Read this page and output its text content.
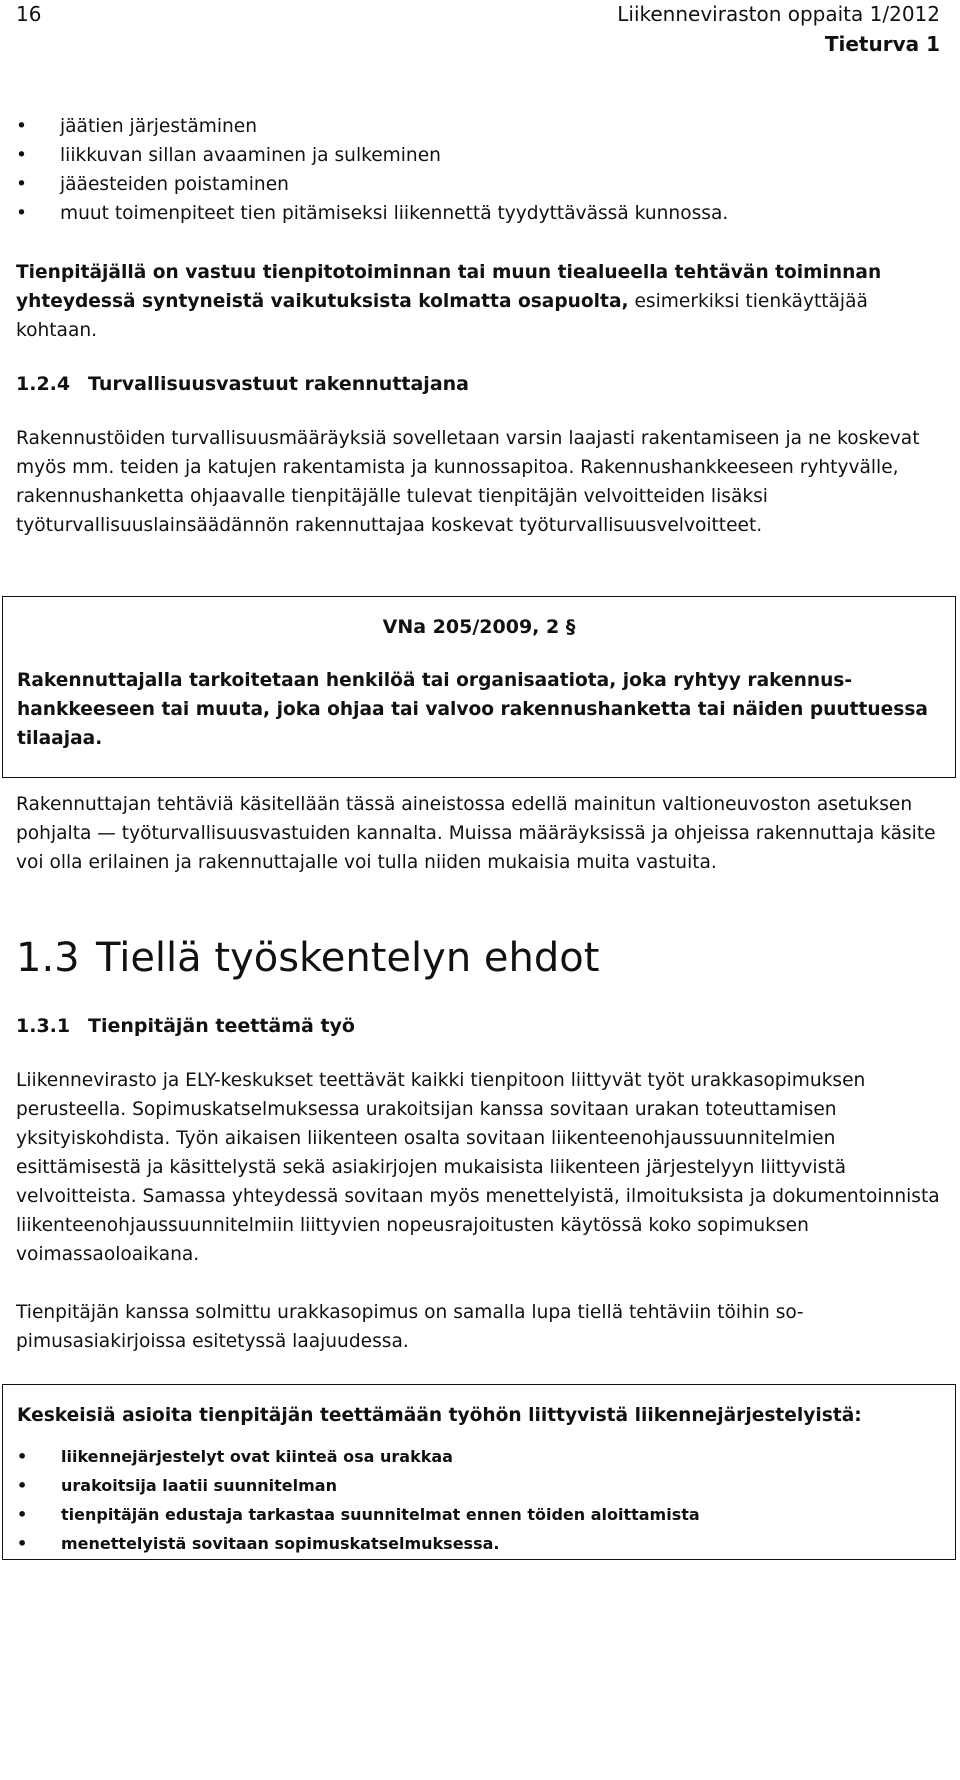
16	Liikenneviraston oppaita 1/2012
Tieturva 1
• jäätien järjestäminen
• liikkuvan sillan avaaminen ja sulkeminen
• jääesteiden poistaminen
• muut toimenpiteet tien pitämiseksi liikennettä tyydyttävässä kunnossa.

Tienpitäjällä on vastuu tienpitotoiminnan tai muun tiealueella tehtävän toiminnan yhteydessä syntyneistä vaikutuksista kolmatta osapuolta, esimerkiksi tienkäyttäjää kohtaan.

1.2.4 Turvallisuusvastuut rakennuttajana

Rakennustöiden turvallisuusmääräyksiä sovelletaan varsin laajasti rakentamiseen ja ne koskevat myös mm. teiden ja katujen rakentamista ja kunnossapitoa. Rakennushankkeeseen ryhtyvälle, rakennushanketta ohjaavalle tienpitäjälle tulevat tienpitäjän velvoitteiden lisäksi työturvallisuuslainsäädännön rakennuttajaa koskevat työturvallisuusvelvoitteet.

VNa 205/2009, 2 §

Rakennuttajalla tarkoitetaan henkilöä tai organisaatiota, joka ryhtyy rakennushankkeeseen tai muuta, joka ohjaa tai valvoo rakennushanketta tai näiden puuttuessa tilaajaa.

Rakennuttajan tehtäviä käsitellään tässä aineistossa edellä mainitun valtioneuvoston asetuksen pohjalta — työturvallisuusvastuiden kannalta. Muissa määräyksissä ja ohjeissa rakennuttaja käsite voi olla erilainen ja rakennuttajalle voi tulla niiden mukaisia muita vastuita.

1.3 Tiellä työskentelyn ehdot
1.3.1 Tienpitäjän teettämä työ

Liikennevirasto ja ELY-keskukset teettävät kaikki tienpitoon liittyvät työt urakkasopimuksen perusteella. Sopimuskatselmuksessa urakoitsijan kanssa sovitaan urakan toteuttamisen yksityiskohdista. Työn aikaisen liikenteen osalta sovitaan liikenteenohjaussuunnitelmien esittämisestä ja käsittelystä sekä asiakirjojen mukaisista liikenteen järjestelyyn liittyvistä velvoitteista. Samassa yhteydessä sovitaan myös menettelyistä, ilmoituksista ja dokumentoinnista liikenteenohjaussuunnitelmiin liittyvien nopeusrajoitusten käytössä koko sopimuksen voimassaoloaikana.

Tienpitäjän kanssa solmittu urakkasopimus on samalla lupa tiellä tehtäviin töihin sopimusasiakirjoissa esitetyssä laajuudessa.

Keskeisiä asioita tienpitäjän teettämään työhön liittyvistä liikennejärjestelyistä:

• liikennejärjestelyt ovat kiinteä osa urakkaa
• urakoitsija laatii suunnitelman
• tienpitäjän edustaja tarkastaa suunnitelmat ennen töiden aloittamista
• menettelyistä sovitaan sopimuskatselmuksessa.
